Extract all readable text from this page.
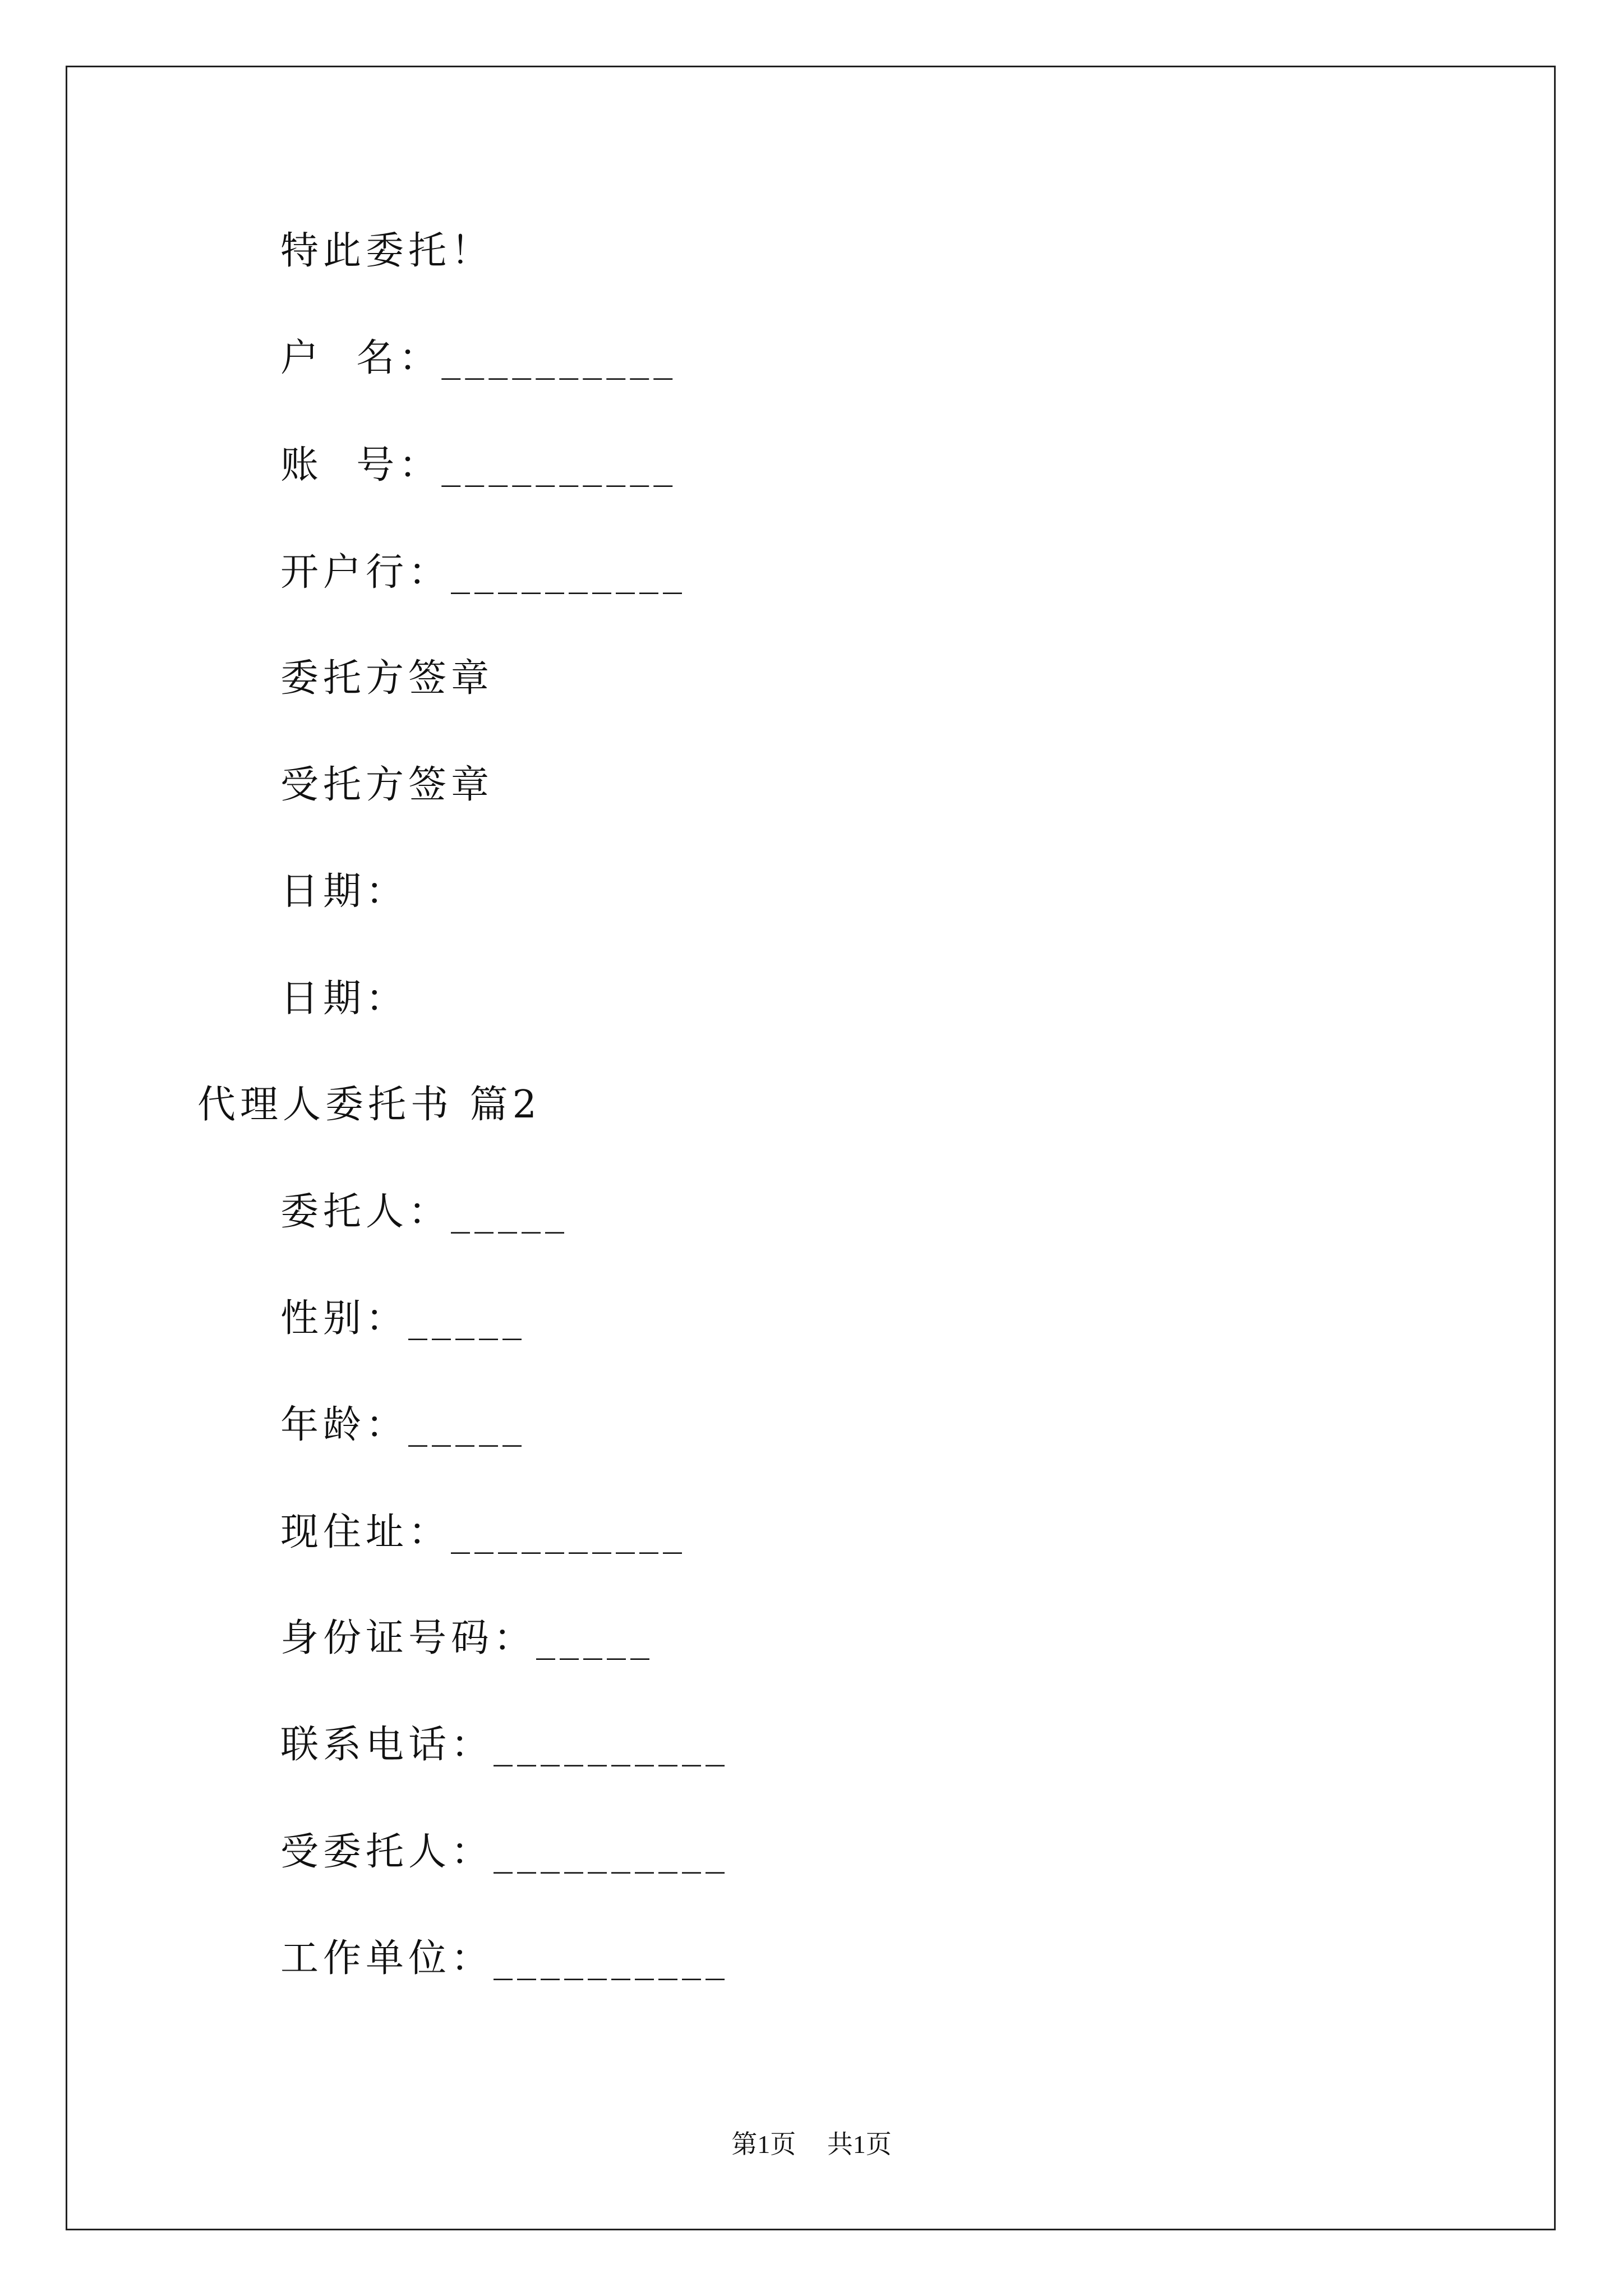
特此委托！
户  名：__________
账  号：__________
开户行：__________
委托方签章
受托方签章
日期：
日期：
代理人委托书 篇2
委托人：_____
性别：_____
年龄：_____
现住址：__________
身份证号码：_____
联系电话：__________
受委托人：__________
工作单位：__________
第1页 共1页
